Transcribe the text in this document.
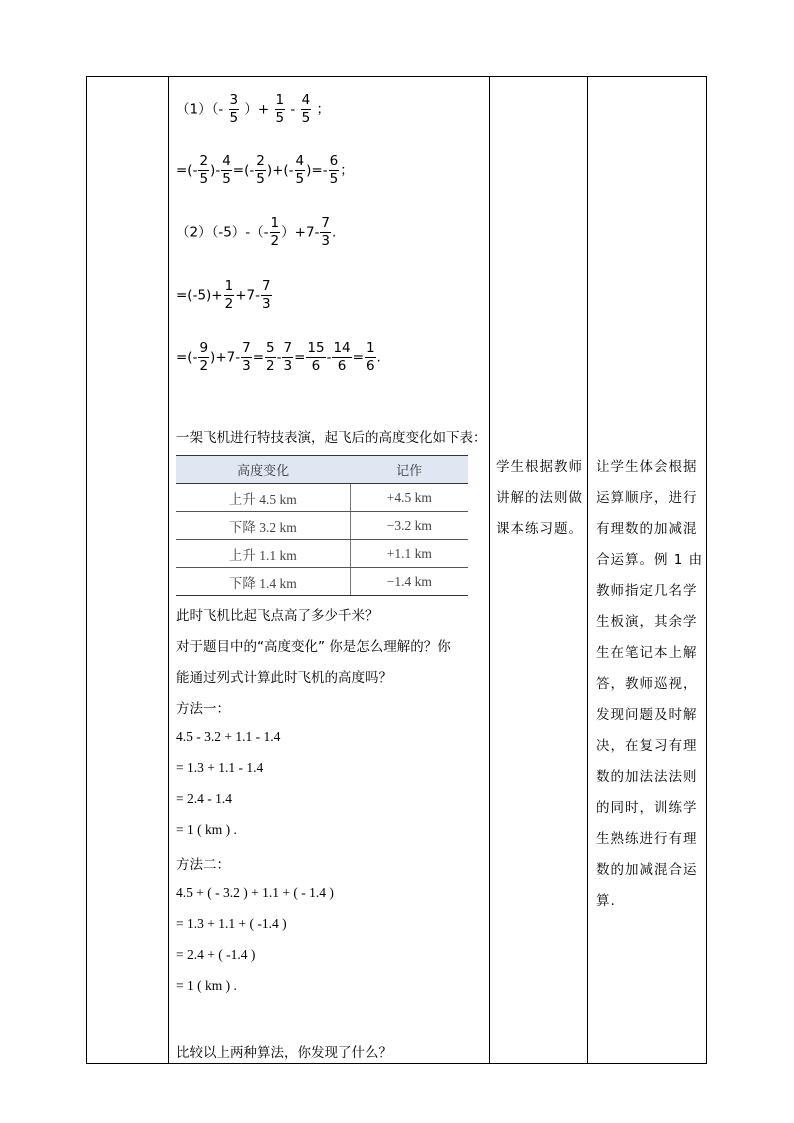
$(1)(- \frac{3}{5}$ ）+ $\frac{1}{5} - \frac{4}{5}$ ；
=(- $\frac{2}{5}$ )- $\frac{4}{5}$ =(- $\frac{2}{5}$ )+(- $\frac{4}{5}$ )=- $\frac{6}{5}$ ；
$(2)(-5)-(- \frac{1}{2} )+7- \frac{7}{3}$ .
$=(-5)+ \frac{1}{2} +7- \frac{7}{3}$
=(- $\frac{9}{2} )+7- \frac{7}{3} = \frac{5}{2} - \frac{7}{3} = \frac{15}{6} - \frac{14}{6} = \frac{1}{6}$ .
一架飞机进行特技表演，起飞后的高度变化如下表：
高度变化	记作
上升 4.5 km	+4.5 km
下降 3.2 km	−3.2 km
上升 1.1 km	+1.1 km
下降 1.4 km	−1.4 km
此时飞机比起飞点高了多少千米？
对于题目中的“高度变化” 你是怎么理解的？你
能通过列式计算此时飞机的高度吗？
方法一：
4.5 - 3.2 + 1.1 - 1.4
= 1.3 + 1.1 - 1.4
= 2.4 - 1.4
= 1 ( km ) .
方法二：
4.5 + ( - 3.2 ) + 1.1 + ( - 1.4 )
= 1.3 + 1.1 + ( -1.4 )
= 2.4 + ( -1.4 )
= 1 ( km ) .
比较以上两种算法，你发现了什么？
学生根据教师
讲解的法则做
课本练习题。
让学生体会根据
运算顺序，进行
有理数的加减混
合运算。例 1 由
教师指定几名学
生板演，其余学
生在笔记本上解
答，教师巡视，
发现问题及时解
决，在复习有理
数的加法法法则
的同时，训练学
生熟练进行有理
数的加减混合运
算.
